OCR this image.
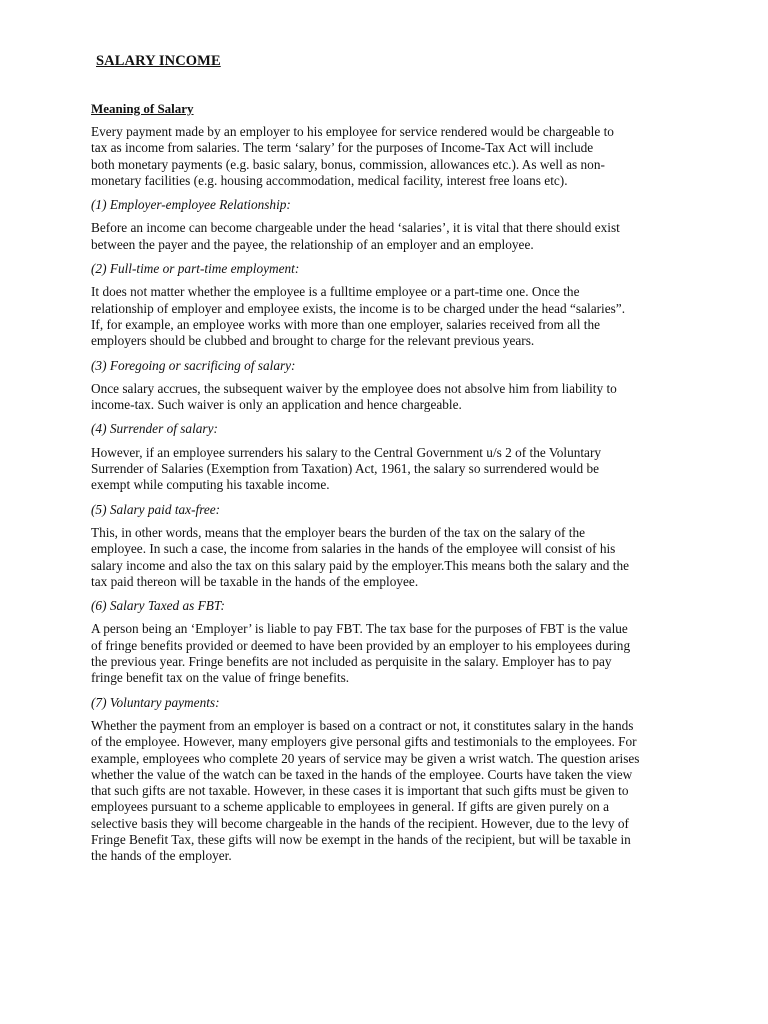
SALARY INCOME
Meaning of Salary

Every payment made by an employer to his employee for service rendered would be chargeable to
tax as income from salaries. The term ‘salary’ for the purposes of Income-Tax Act will include
both monetary payments (e.g. basic salary, bonus, commission, allowances etc.). As well as non-
monetary facilities (e.g. housing accommodation, medical facility, interest free loans etc).

(1) Employer-employee Relationship:

Before an income can become chargeable under the head ‘salaries’, it is vital that there should exist
between the payer and the payee, the relationship of an employer and an employee.

(2) Full-time or part-time employment:

It does not matter whether the employee is a fulltime employee or a part-time one. Once the
relationship of employer and employee exists, the income is to be charged under the head “salaries”.
If, for example, an employee works with more than one employer, salaries received from all the
employers should be clubbed and brought to charge for the relevant previous years.

(3) Foregoing or sacrificing of salary:

Once salary accrues, the subsequent waiver by the employee does not absolve him from liability to
income-tax. Such waiver is only an application and hence chargeable.

(4) Surrender of salary:

However, if an employee surrenders his salary to the Central Government u/s 2 of the Voluntary
Surrender of Salaries (Exemption from Taxation) Act, 1961, the salary so surrendered would be
exempt while computing his taxable income.

(5) Salary paid tax-free:

This, in other words, means that the employer bears the burden of the tax on the salary of the
employee. In such a case, the income from salaries in the hands of the employee will consist of his
salary income and also the tax on this salary paid by the employer.This means both the salary and the
tax paid thereon will be taxable in the hands of the employee.

(6) Salary Taxed as FBT:

A person being an ‘Employer’ is liable to pay FBT. The tax base for the purposes of FBT is the value
of fringe benefits provided or deemed to have been provided by an employer to his employees during
the previous year. Fringe benefits are not included as perquisite in the salary. Employer has to pay
fringe benefit tax on the value of fringe benefits.

(7) Voluntary payments:

Whether the payment from an employer is based on a contract or not, it constitutes salary in the hands
of the employee. However, many employers give personal gifts and testimonials to the employees. For
example, employees who complete 20 years of service may be given a wrist watch. The question arises
whether the value of the watch can be taxed in the hands of the employee. Courts have taken the view
that such gifts are not taxable. However, in these cases it is important that such gifts must be given to
employees pursuant to a scheme applicable to employees in general. If gifts are given purely on a
selective basis they will become chargeable in the hands of the recipient. However, due to the levy of
Fringe Benefit Tax, these gifts will now be exempt in the hands of the recipient, but will be taxable in
the hands of the employer.
